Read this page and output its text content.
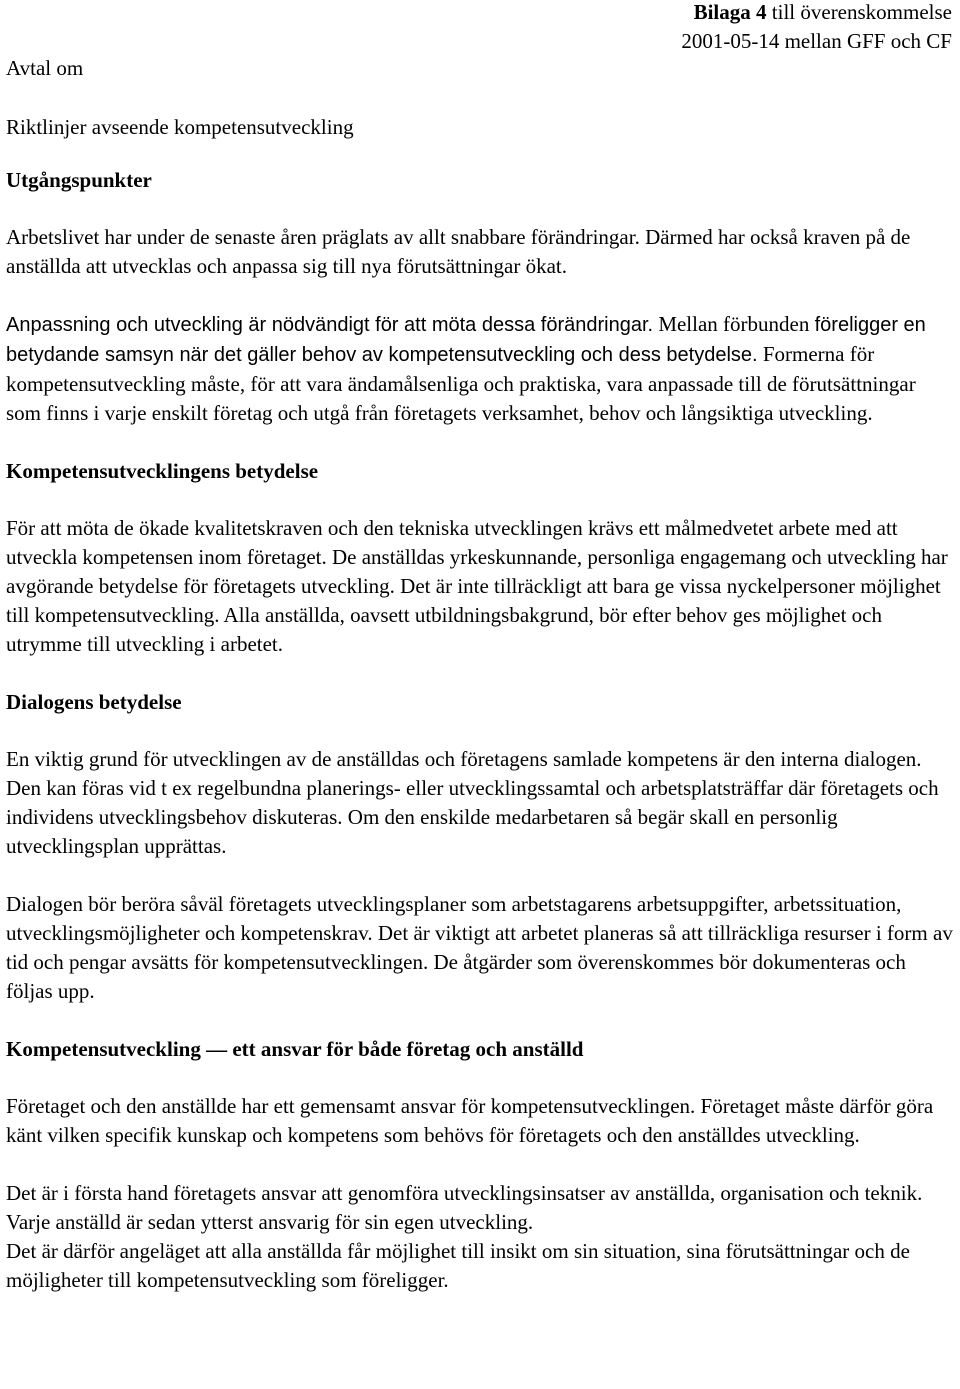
Bilaga 4 till överenskommelse
2001-05-14 mellan GFF och CF
Avtal om

Riktlinjer avseende kompetensutveckling

Utgångspunkter

Arbetslivet har under de senaste åren präglats av allt snabbare förändringar. Därmed har också kraven på de anställda att utvecklas och anpassa sig till nya förutsättningar ökat.

Anpassning och utveckling är nödvändigt för att möta dessa förändringar. Mellan förbunden föreligger en betydande samsyn när det gäller behov av kompetensutveckling och dess betydelse. Formerna för kompetensutveckling måste, för att vara ändamålsenliga och praktiska, vara anpassade till de förutsättningar som finns i varje enskilt företag och utgå från företagets verksamhet, behov och långsiktiga utveckling.

Kompetensutvecklingens betydelse

För att möta de ökade kvalitetskraven och den tekniska utvecklingen krävs ett målmedvetet arbete med att utveckla kompetensen inom företaget. De anställdas yrkeskunnande, personliga engagemang och utveckling har avgörande betydelse för företagets utveckling. Det är inte tillräckligt att bara ge vissa nyckelpersoner möjlighet till kompetensutveckling. Alla anställda, oavsett utbildningsbakgrund, bör efter behov ges möjlighet och utrymme till utveckling i arbetet.

Dialogens betydelse

En viktig grund för utvecklingen av de anställdas och företagens samlade kompetens är den interna dialogen. Den kan föras vid t ex regelbundna planerings- eller utvecklingssamtal och arbetsplatsträffar där företagets och individens utvecklingsbehov diskuteras. Om den enskilde medarbetaren så begär skall en personlig utvecklingsplan upprättas.

Dialogen bör beröra såväl företagets utvecklingsplaner som arbetstagarens arbetsuppgifter, arbetssituation, utvecklingsmöjligheter och kompetenskrav. Det är viktigt att arbetet planeras så att tillräckliga resurser i form av tid och pengar avsätts för kompetensutvecklingen. De åtgärder som överenskommes bör dokumenteras och följas upp.

Kompetensutveckling — ett ansvar för både företag och anställd

Företaget och den anställde har ett gemensamt ansvar för kompetensutvecklingen. Företaget måste därför göra känt vilken specifik kunskap och kompetens som behövs för företagets och den anställdes utveckling.

Det är i första hand företagets ansvar att genomföra utvecklingsinsatser av anställda, organisation och teknik. Varje anställd är sedan ytterst ansvarig för sin egen utveckling.

Det är därför angeläget att alla anställda får möjlighet till insikt om sin situation, sina förutsättningar och de möjligheter till kompetensutveckling som föreligger.
